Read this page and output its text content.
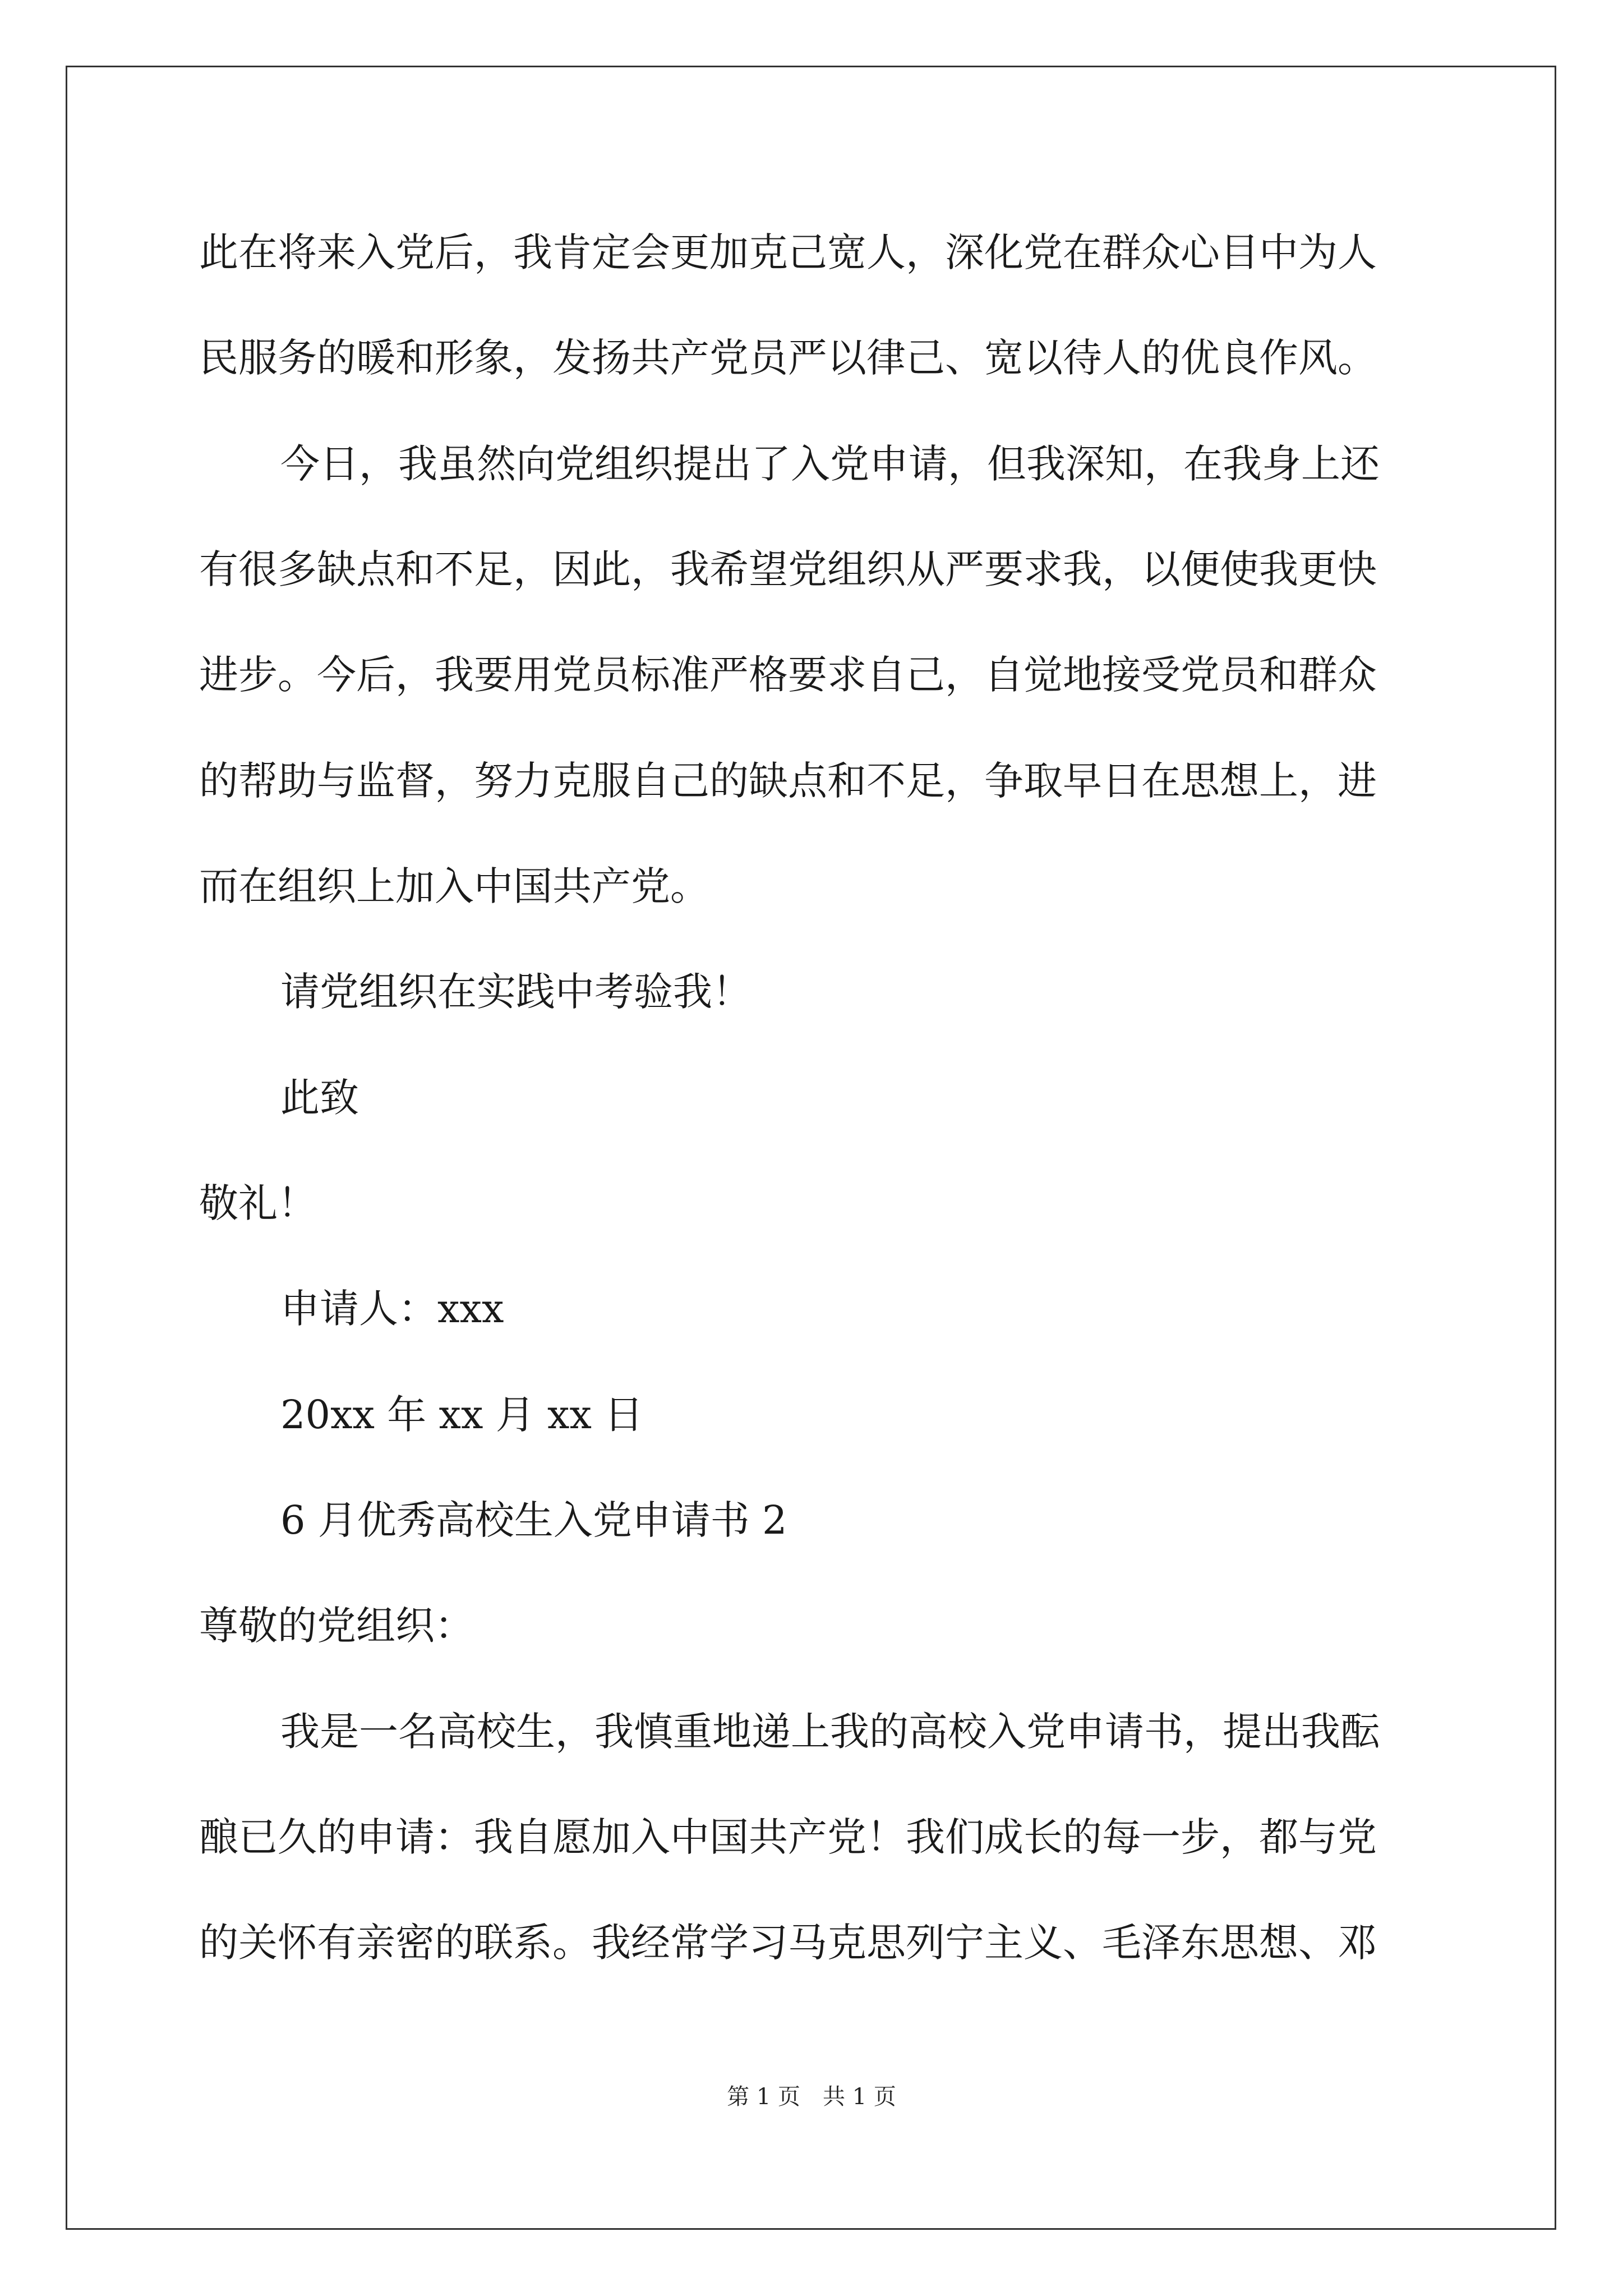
此在将来入党后，我肯定会更加克己宽人，深化党在群众心目中为人
民服务的暖和形象，发扬共产党员严以律己、宽以待人的优良作风。
今日，我虽然向党组织提出了入党申请，但我深知，在我身上还
有很多缺点和不足，因此，我希望党组织从严要求我，以便使我更快
进步。今后，我要用党员标准严格要求自己，自觉地接受党员和群众
的帮助与监督，努力克服自己的缺点和不足，争取早日在思想上，进
而在组织上加入中国共产党。
请党组织在实践中考验我！
此致
敬礼！
申请人：xxx
20xx 年 xx 月 xx 日
6 月优秀高校生入党申请书 2
尊敬的党组织：
我是一名高校生，我慎重地递上我的高校入党申请书，提出我酝
酿已久的申请：我自愿加入中国共产党！我们成长的每一步，都与党
的关怀有亲密的联系。我经常学习马克思列宁主义、毛泽东思想、邓
第 1 页　共 1 页
